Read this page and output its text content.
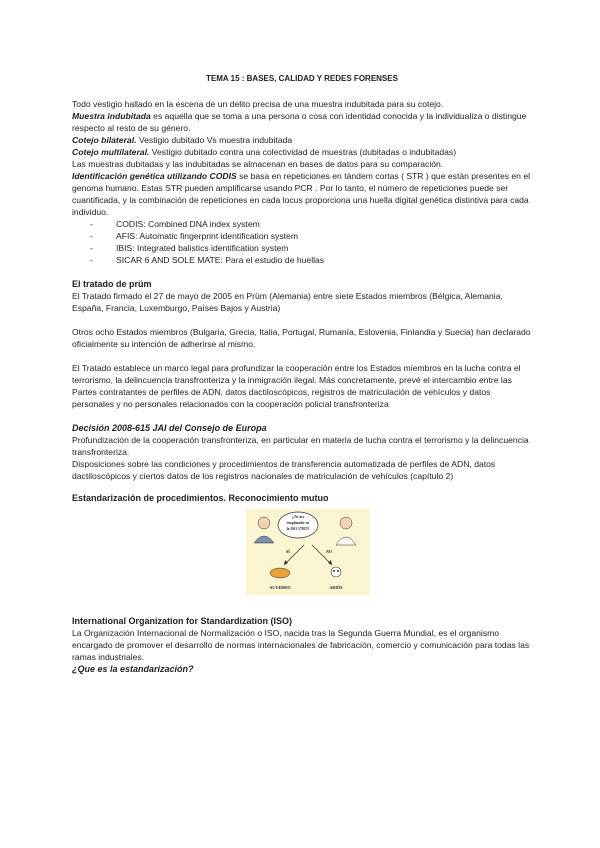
TEMA 15 : BASES, CALIDAD Y REDES FORENSES

Todo vestigio hallado en la escena de un delito precisa de una muestra indubitada para su cotejo.

Muestra indubitada es aquella que se toma a una persona o cosa con identidad conocida y la individualiza o distingue respecto al resto de su género.

Cotejo bilateral. Vestigio dubitado Vs muestra indubitada

Cotejo multilateral. Vestigio dubitado contra una colectividad de muestras (dubitadas o indubitadas)

Las muestras dubitadas y las indubitadas se almacenan en bases de datos para su comparación.

Identificación genética utilizando CODIS se basa en repeticiones en tándem cortas ( STR ) que están presentes en el genoma humano. Estas STR pueden amplificarse usando PCR . Por lo tanto, el número de repeticiones puede ser cuantificada, y la combinación de repeticiones en cada locus proporciona una huella digital genética distintiva para cada individuo.

-	CODIS: Combined DNA index system
-	AFIS: Automatic fingerprint identification system
-	IBIS: Integrated balistics identification system
-	SICAR 6 AND SOLE MATE: Para el estudio de huellas
El tratado de prüm

El Tratado firmado el 27 de mayo de 2005 en Prüm (Alemania) entre siete Estados miembros (Bélgica, Alemania, España, Francia, Luxemburgo, Países Bajos y Austria)

Otros ocho Estados miembros (Bulgaria, Grecia, Italia, Portugal, Rumanía, Eslovenia, Finlandia y Suecia) han declarado oficialmente su intención de adherirse al mismo.

El Tratado establece un marco legal para profundizar la cooperación entre los Estados miembros en la lucha contra el terrorismo, la delincuencia transfronteriza y la inmigración ilegal. Más concretamente, prevé el intercambio entre las Partes contratantes de perfiles de ADN, datos dactiloscópicos, registros de matriculación de vehículos y datos personales y no personales relacionados con la cooperación policial transfronteriza

Decisión 2008-615 JAI del Consejo de Europa

Profundización de la cooperación transfronteriza, en particular en materia de lucha contra el terrorismo y la delincuencia transfronteriza.

Disposiciones sobre las condiciones y procedimientos de transferencia automatizada de perfiles de ADN, datos dactiloscópicos y ciertos datos de los registros nacionales de matriculación de vehículos (capítulo 2)

Estandarización de procedimientos. Reconocimiento mutuo
¿Tu acs
emplazado en
la ISO 17025?
SÍ	NO
ACUERDO	ADIÓS
International Organization for Standardization (ISO)

La Organización Internacional de Normalización o ISO, nacida tras la Segunda Guerra Mundial, es el organismo encargado de promover el desarrollo de normas internacionales de fabricación, comercio y comunicación para todas las ramas industriales.

¿Que es la estandarización?
